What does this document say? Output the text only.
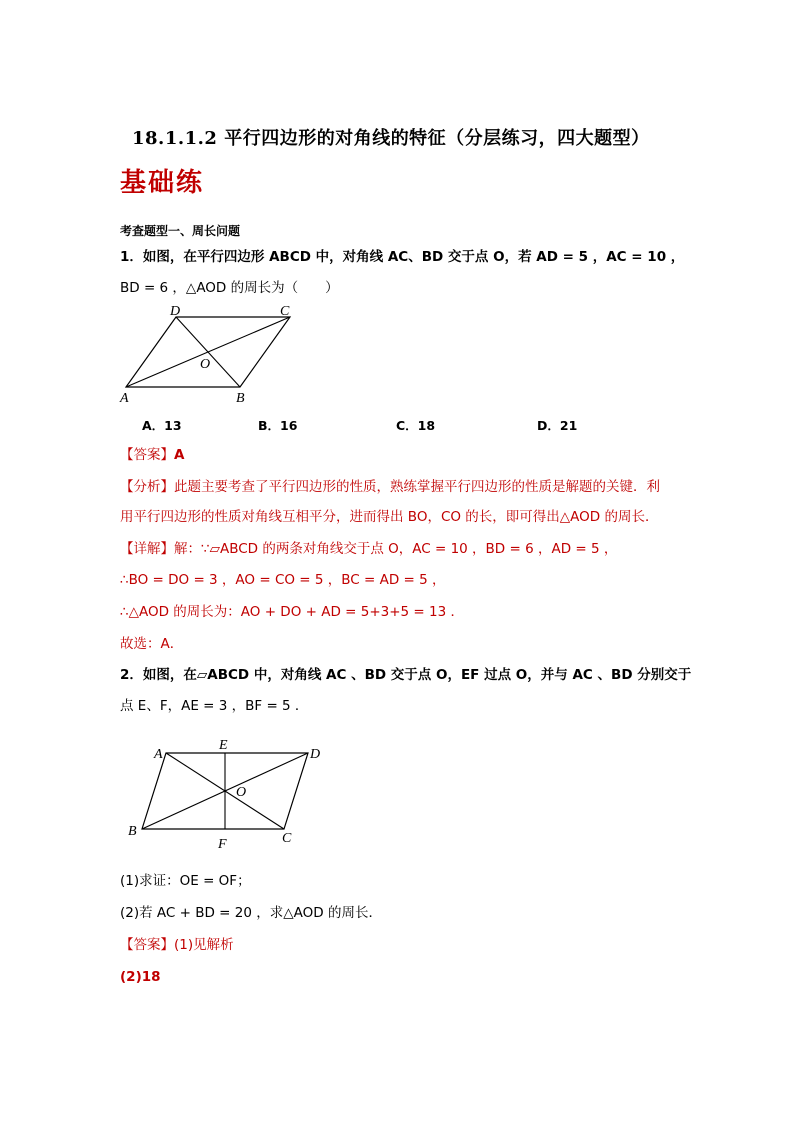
18.1.1.2 平行四边形的对角线的特征（分层练习，四大题型）
基础练
考查题型一、周长问题
1．如图，在平行四边形 ABCD 中，对角线 AC、BD 交于点 O，若 AD = 5 ，AC = 10 ，
BD = 6 ，△AOD 的周长为（　　）
D	C
O
A	B
A．13	B．16	C．18	D．21
【答案】A
【分析】此题主要考查了平行四边形的性质，熟练掌握平行四边形的性质是解题的关键．利
用平行四边形的性质对角线互相平分，进而得出 BO，CO 的长，即可得出△AOD 的周长．
【详解】解：∵▱ABCD 的两条对角线交于点 O，AC = 10 ，BD = 6 ，AD = 5 ，
∴BO = DO = 3 ，AO = CO = 5 ，BC = AD = 5 ，
∴△AOD 的周长为：AO + DO + AD = 5+3+5 = 13 ．
故选：A．
2．如图，在▱ABCD 中，对角线 AC 、BD 交于点 O，EF 过点 O，并与 AC 、BD 分别交于
点 E、F，AE = 3 ，BF = 5 ．
A
E
D
O
B
F	C
(1)求证：OE = OF；
(2)若 AC + BD = 20 ，求△AOD 的周长．
【答案】(1)见解析
(2)18
